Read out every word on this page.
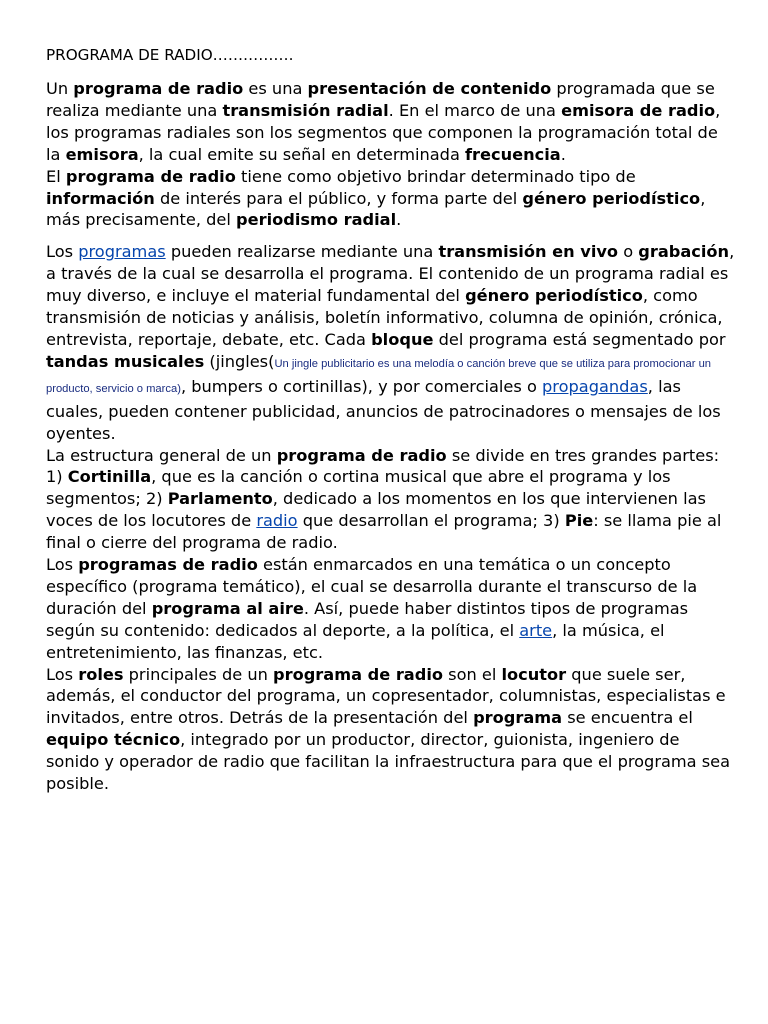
PROGRAMA DE RADIO…………….

Un programa de radio es una presentación de contenido programada que se realiza mediante una transmisión radial. En el marco de una emisora de radio, los programas radiales son los segmentos que componen la programación total de la emisora, la cual emite su señal en determinada frecuencia.

El programa de radio tiene como objetivo brindar determinado tipo de información de interés para el público, y forma parte del género periodístico, más precisamente, del periodismo radial.

Los programas pueden realizarse mediante una transmisión en vivo o grabación, a través de la cual se desarrolla el programa. El contenido de un programa radial es muy diverso, e incluye el material fundamental del género periodístico, como transmisión de noticias y análisis, boletín informativo, columna de opinión, crónica, entrevista, reportaje, debate, etc. Cada bloque del programa está segmentado por tandas musicales (jingles(Un jingle publicitario es una melodía o canción breve que se utiliza para promocionar un producto, servicio o marca), bumpers o cortinillas), y por comerciales o propagandas, las cuales, pueden contener publicidad, anuncios de patrocinadores o mensajes de los oyentes.

La estructura general de un programa de radio se divide en tres grandes partes: 1) Cortinilla, que es la canción o cortina musical que abre el programa y los segmentos; 2) Parlamento, dedicado a los momentos en los que intervienen las voces de los locutores de radio que desarrollan el programa; 3) Pie: se llama pie al final o cierre del programa de radio.

Los programas de radio están enmarcados en una temática o un concepto específico (programa temático), el cual se desarrolla durante el transcurso de la duración del programa al aire. Así, puede haber distintos tipos de programas según su contenido: dedicados al deporte, a la política, el arte, la música, el entretenimiento, las finanzas, etc.

Los roles principales de un programa de radio son el locutor que suele ser, además, el conductor del programa, un copresentador, columnistas, especialistas e invitados, entre otros. Detrás de la presentación del programa se encuentra el equipo técnico, integrado por un productor, director, guionista, ingeniero de sonido y operador de radio que facilitan la infraestructura para que el programa sea posible.
